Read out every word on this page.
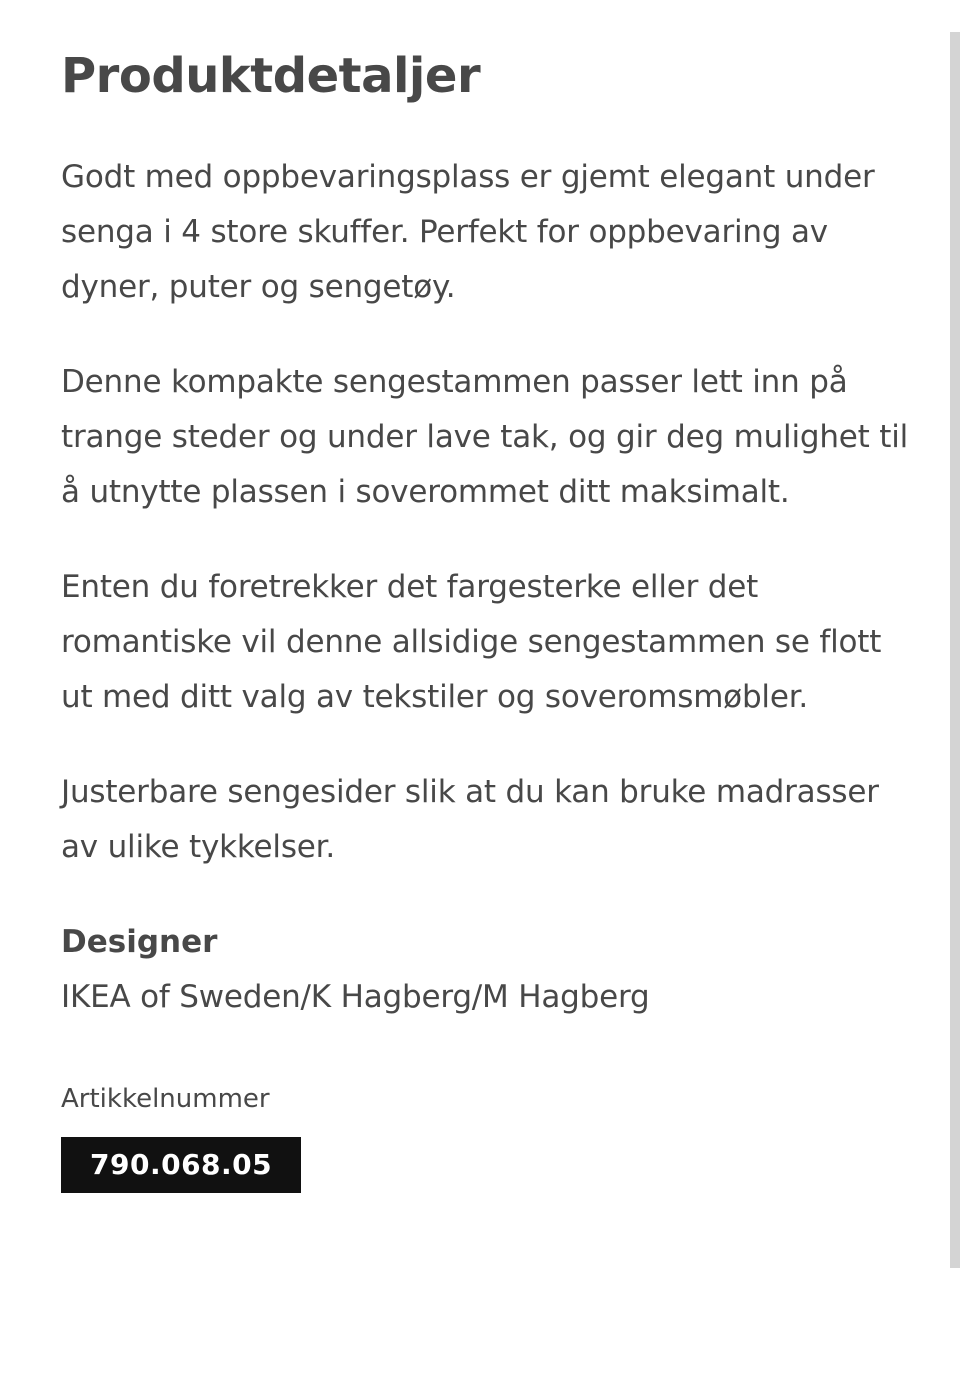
Produktdetaljer

Godt med oppbevaringsplass er gjemt elegant under senga i 4 store skuffer. Perfekt for oppbevaring av dyner, puter og sengetøy.

Denne kompakte sengestammen passer lett inn på trange steder og under lave tak, og gir deg mulighet til å utnytte plassen i soverommet ditt maksimalt.

Enten du foretrekker det fargesterke eller det romantiske vil denne allsidige sengestammen se flott ut med ditt valg av tekstiler og soveromsmøbler.

Justerbare sengesider slik at du kan bruke madrasser av ulike tykkelser.

Designer

IKEA of Sweden/K Hagberg/M Hagberg

Artikkelnummer

790.068.05
